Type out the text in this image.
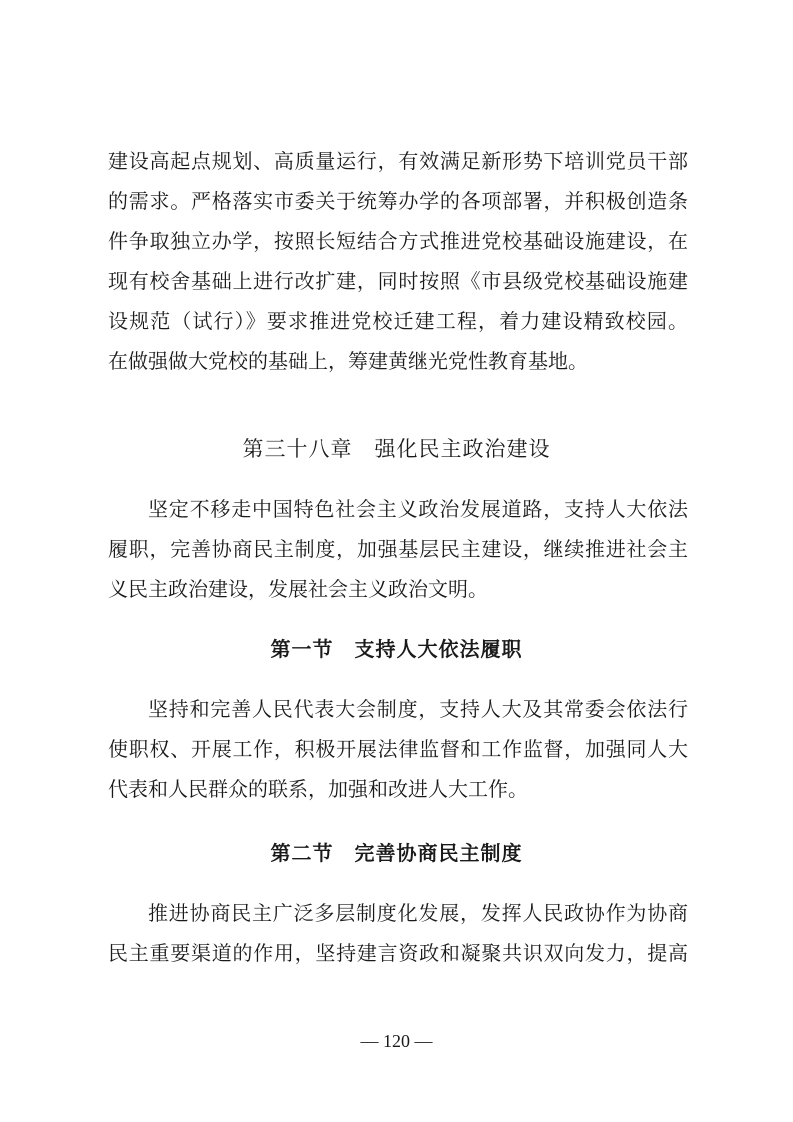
建设高起点规划、高质量运行，有效满足新形势下培训党员干部
的需求。严格落实市委关于统筹办学的各项部署，并积极创造条
件争取独立办学，按照长短结合方式推进党校基础设施建设，在
现有校舍基础上进行改扩建，同时按照《市县级党校基础设施建
设规范（试行）》要求推进党校迁建工程，着力建设精致校园。
在做强做大党校的基础上，筹建黄继光党性教育基地。
第三十八章　强化民主政治建设
坚定不移走中国特色社会主义政治发展道路，支持人大依法
履职，完善协商民主制度，加强基层民主建设，继续推进社会主
义民主政治建设，发展社会主义政治文明。
第一节　支持人大依法履职
坚持和完善人民代表大会制度，支持人大及其常委会依法行
使职权、开展工作，积极开展法律监督和工作监督，加强同人大
代表和人民群众的联系，加强和改进人大工作。
第二节　完善协商民主制度
推进协商民主广泛多层制度化发展，发挥人民政协作为协商
民主重要渠道的作用，坚持建言资政和凝聚共识双向发力，提高
— 120 —
